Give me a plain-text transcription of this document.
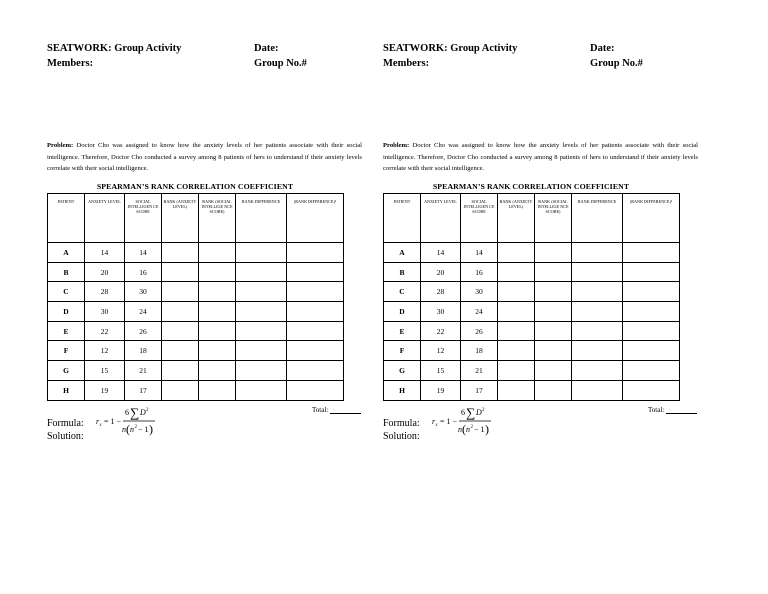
SEATWORK: Group Activity
Members:
Date:
Group No.#
Problem: Doctor Cho was assigned to know how the anxiety levels of her patients associate with their social intelligence. Therefore, Doctor Cho conducted a survey among 8 patients of hers to understand if their anxiety levels correlate with their social intelligence.
SPEARMAN’S RANK CORRELATION COEFFICIENT
PATIENT	ANXIETY LEVEL	SOCIAL INTELLIGEN CE SCORE	RANK (ANXIETY LEVEL)	RANK (SOCIAL INTELLIGE NCE SCORE)	RANK DIFFERENCE	(RANK DIFFERENCE)²
A	14	14				
B	20	16				
C	28	30				
D	30	24				
E	22	26				
F	12	18				
G	15	21				
H	19	17				
Total:
Formula: r s = 1 −
6 ∑ D 2
n ( n 2 − 1 )
Solution:
SEATWORK: Group Activity
Members:
Date:
Group No.#
Problem: Doctor Cho was assigned to know how the anxiety levels of her patients associate with their social intelligence. Therefore, Doctor Cho conducted a survey among 8 patients of hers to understand if their anxiety levels correlate with their social intelligence.
SPEARMAN’S RANK CORRELATION COEFFICIENT
PATIENT	ANXIETY LEVEL	SOCIAL INTELLIGEN CE SCORE	RANK (ANXIETY LEVEL)	RANK (SOCIAL INTELLIGE NCE SCORE)	RANK DIFFERENCE	(RANK DIFFERENCE)²
A	14	14				
B	20	16				
C	28	30				
D	30	24				
E	22	26				
F	12	18				
G	15	21				
H	19	17				
Total:
Formula: r s = 1 −
6 ∑ D 2
n ( n 2 − 1 )
Solution:
